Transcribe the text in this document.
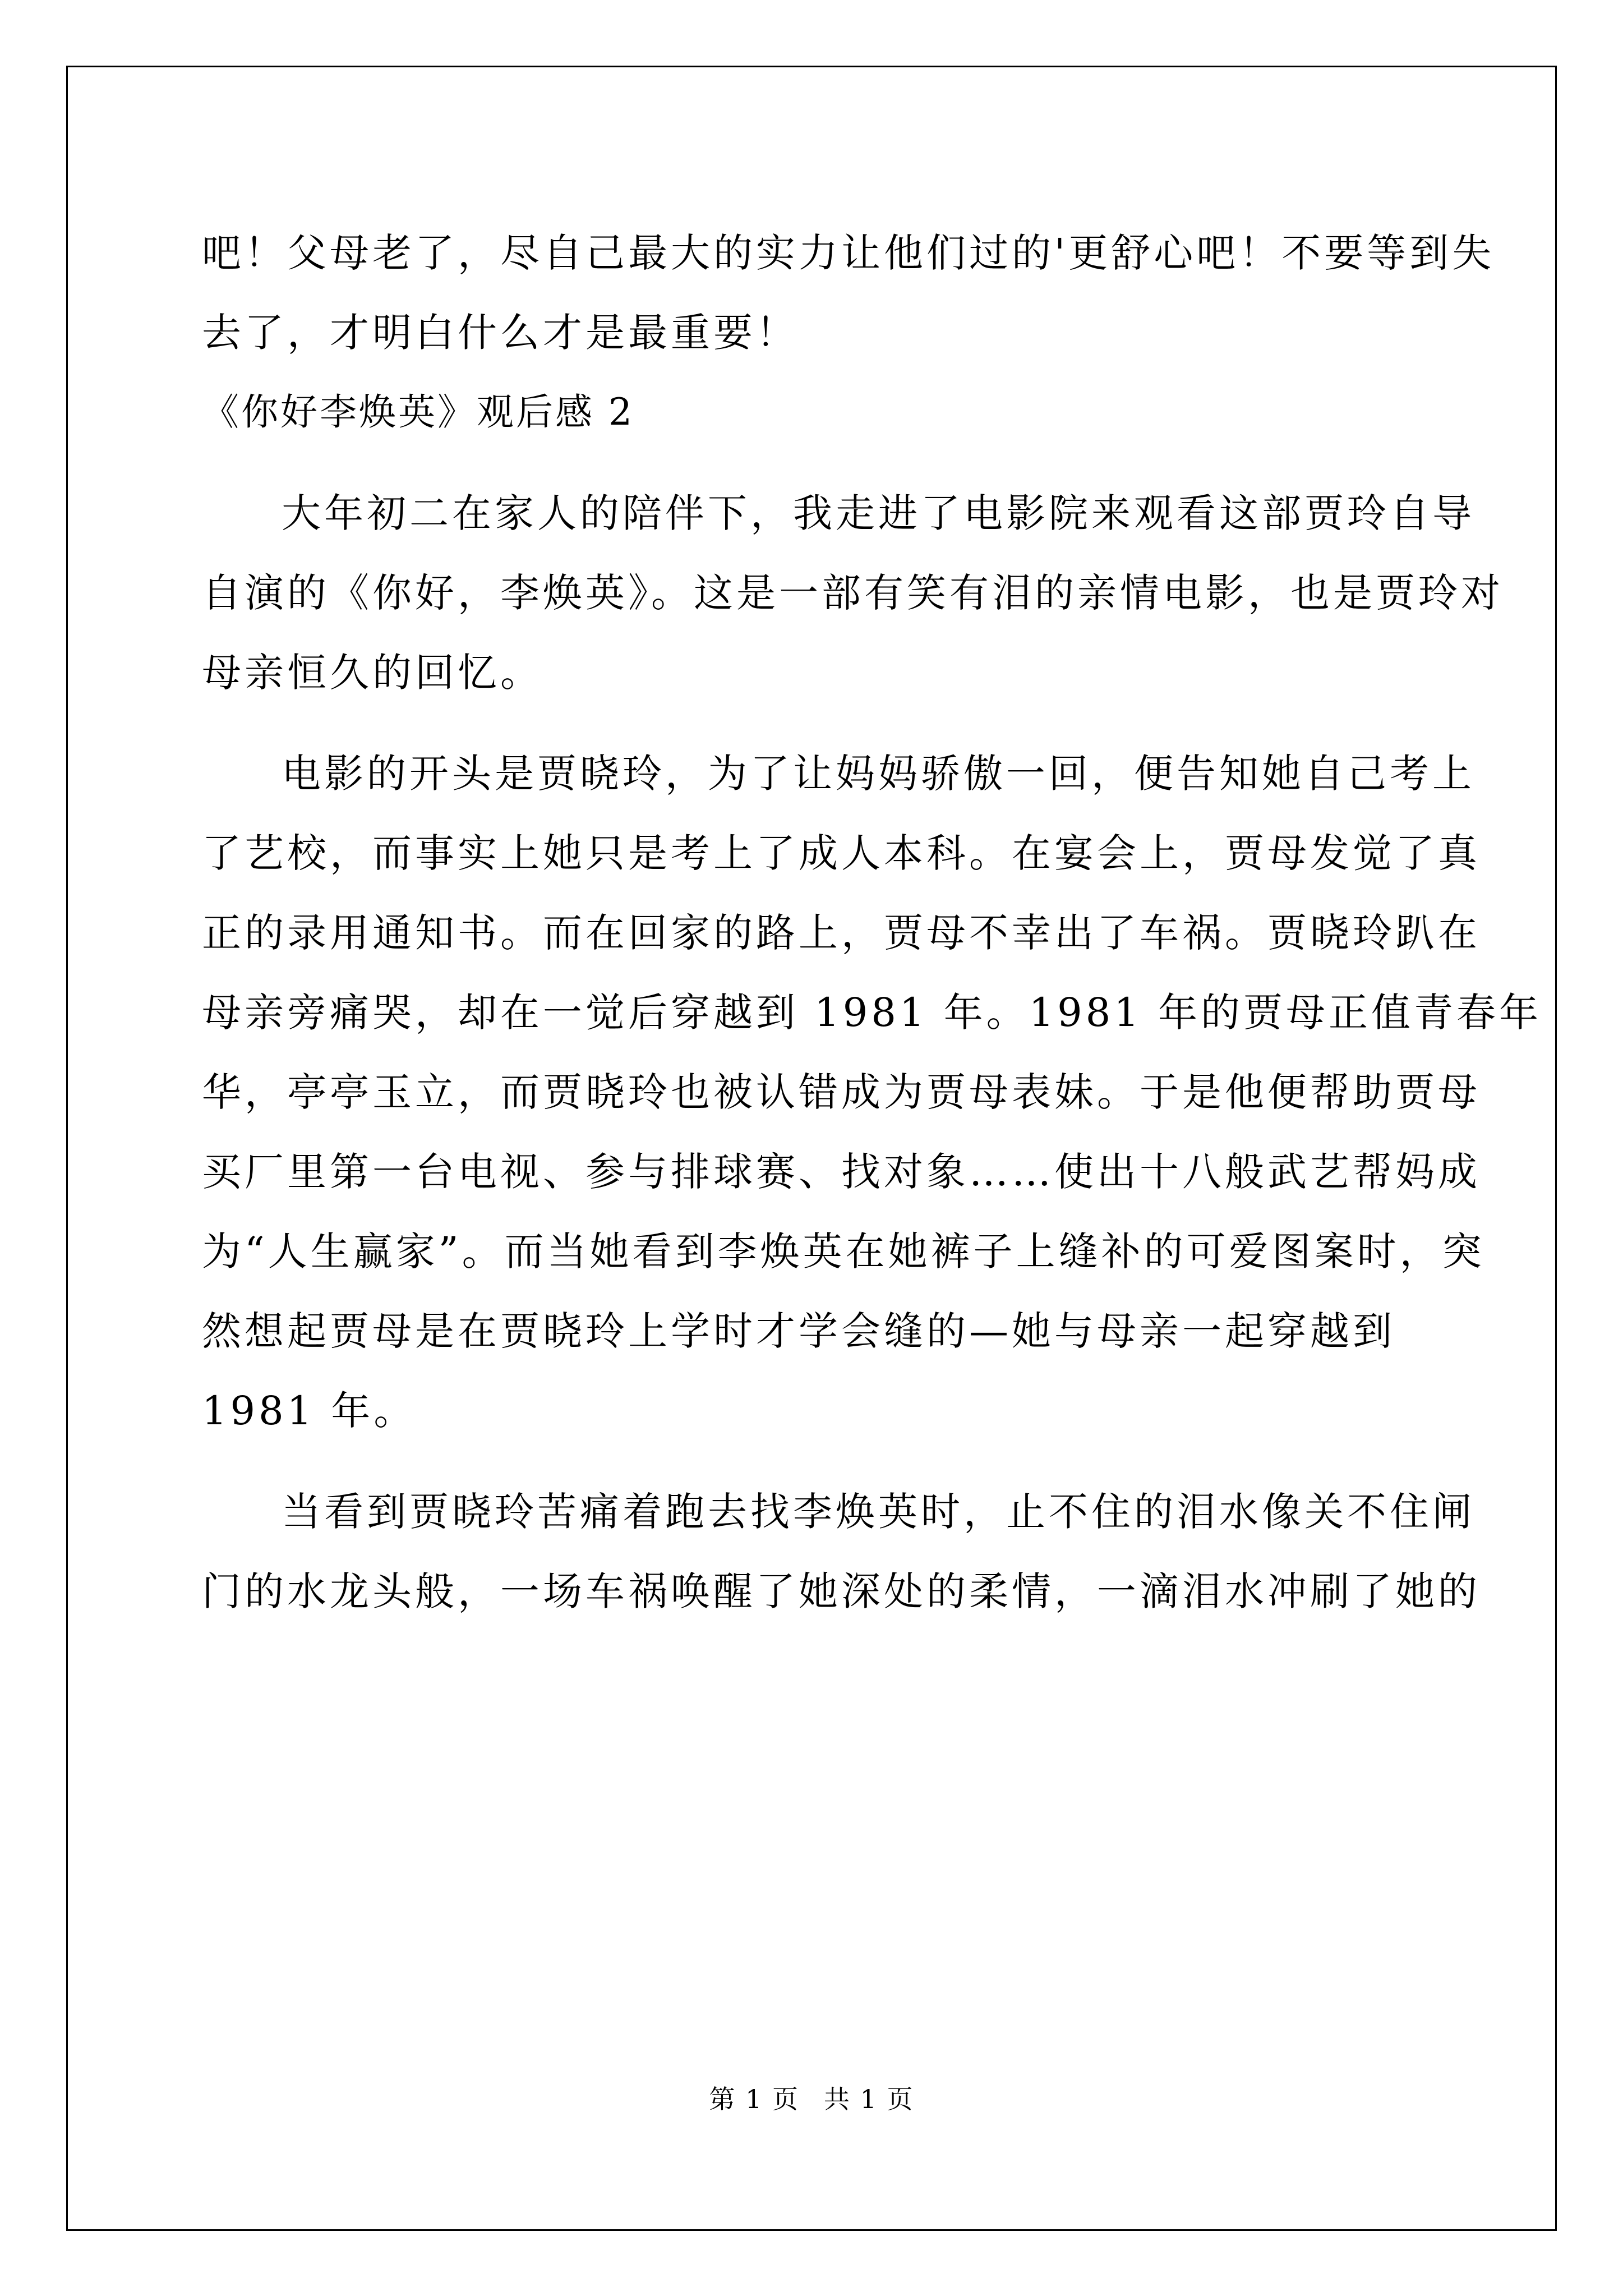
吧！父母老了，尽自己最大的实力让他们过的'更舒心吧！不要等到失
去了，才明白什么才是最重要！
《你好李焕英》观后感 2
大年初二在家人的陪伴下，我走进了电影院来观看这部贾玲自导
自演的《你好，李焕英》。这是一部有笑有泪的亲情电影，也是贾玲对
母亲恒久的回忆。
电影的开头是贾晓玲，为了让妈妈骄傲一回，便告知她自己考上
了艺校，而事实上她只是考上了成人本科。在宴会上，贾母发觉了真
正的录用通知书。而在回家的路上，贾母不幸出了车祸。贾晓玲趴在
母亲旁痛哭，却在一觉后穿越到 1981 年。1981 年的贾母正值青春年
华，亭亭玉立，而贾晓玲也被认错成为贾母表妹。于是他便帮助贾母
买厂里第一台电视、参与排球赛、找对象……使出十八般武艺帮妈成
为“人生赢家”。而当她看到李焕英在她裤子上缝补的可爱图案时，突
然想起贾母是在贾晓玲上学时才学会缝的—她与母亲一起穿越到
1981 年。
当看到贾晓玲苦痛着跑去找李焕英时，止不住的泪水像关不住闸
门的水龙头般，一场车祸唤醒了她深处的柔情，一滴泪水冲刷了她的
第 1 页 共 1 页
